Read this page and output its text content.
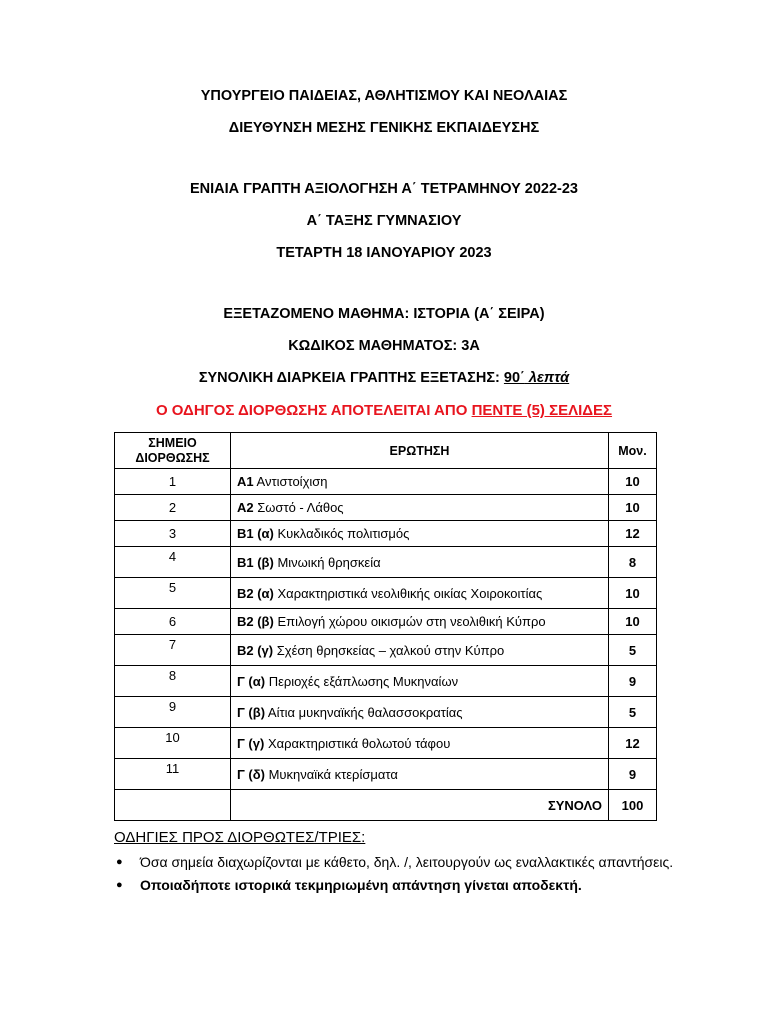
ΥΠΟΥΡΓΕΙΟ ΠΑΙΔΕΙΑΣ, ΑΘΛΗΤΙΣΜΟΥ ΚΑΙ ΝΕΟΛΑΙΑΣ
ΔΙΕΥΘΥΝΣΗ ΜΕΣΗΣ ΓΕΝΙΚΗΣ ΕΚΠΑΙΔΕΥΣΗΣ
ΕΝΙΑΙΑ ΓΡΑΠΤΗ ΑΞΙΟΛΟΓΗΣΗ Α΄ ΤΕΤΡΑΜΗΝΟΥ 2022-23
Α΄ ΤΑΞΗΣ ΓΥΜΝΑΣΙΟΥ
ΤΕΤΑΡΤΗ 18 ΙΑΝΟΥΑΡΙΟΥ 2023
ΕΞΕΤΑΖΟΜΕΝΟ ΜΑΘΗΜΑ: ΙΣΤΟΡΙΑ (Α΄ ΣΕΙΡΑ)
ΚΩΔΙΚΟΣ ΜΑΘΗΜΑΤΟΣ: 3Α
ΣΥΝΟΛΙΚΗ ΔΙΑΡΚΕΙΑ ΓΡΑΠΤΗΣ ΕΞΕΤΑΣΗΣ: 90΄ λεπτά
Ο ΟΔΗΓΟΣ ΔΙΟΡΘΩΣΗΣ ΑΠΟΤΕΛΕΙΤΑΙ ΑΠΟ ΠΕΝΤΕ (5) ΣΕΛΙΔΕΣ
ΣΗΜΕΙΟ ΔΙΟΡΘΩΣΗΣ	ΕΡΩΤΗΣΗ	Μον.
1	Α1 Αντιστοίχιση	10
2	Α2 Σωστό - Λάθος	10
3	Β1 (α) Κυκλαδικός πολιτισμός	12
4	Β1 (β) Μινωική θρησκεία	8
5	Β2 (α) Χαρακτηριστικά νεολιθικής οικίας Χοιροκοιτίας	10
6	Β2 (β) Επιλογή χώρου οικισμών στη νεολιθική Κύπρο	10
7	Β2 (γ) Σχέση θρησκείας – χαλκού στην Κύπρο	5
8	Γ (α) Περιοχές εξάπλωσης Μυκηναίων	9
9	Γ (β) Αίτια μυκηναϊκής θαλασσοκρατίας	5
10	Γ (γ) Χαρακτηριστικά θολωτού τάφου	12
11	Γ (δ) Μυκηναϊκά κτερίσματα	9
	ΣΥΝΟΛΟ	100
ΟΔΗΓΙΕΣ ΠΡΟΣ ΔΙΟΡΘΩΤΕΣ/ΤΡΙΕΣ:
● Όσα σημεία διαχωρίζονται με κάθετο, δηλ. /, λειτουργούν ως εναλλακτικές απαντήσεις.
● Οποιαδήποτε ιστορικά τεκμηριωμένη απάντηση γίνεται αποδεκτή.
